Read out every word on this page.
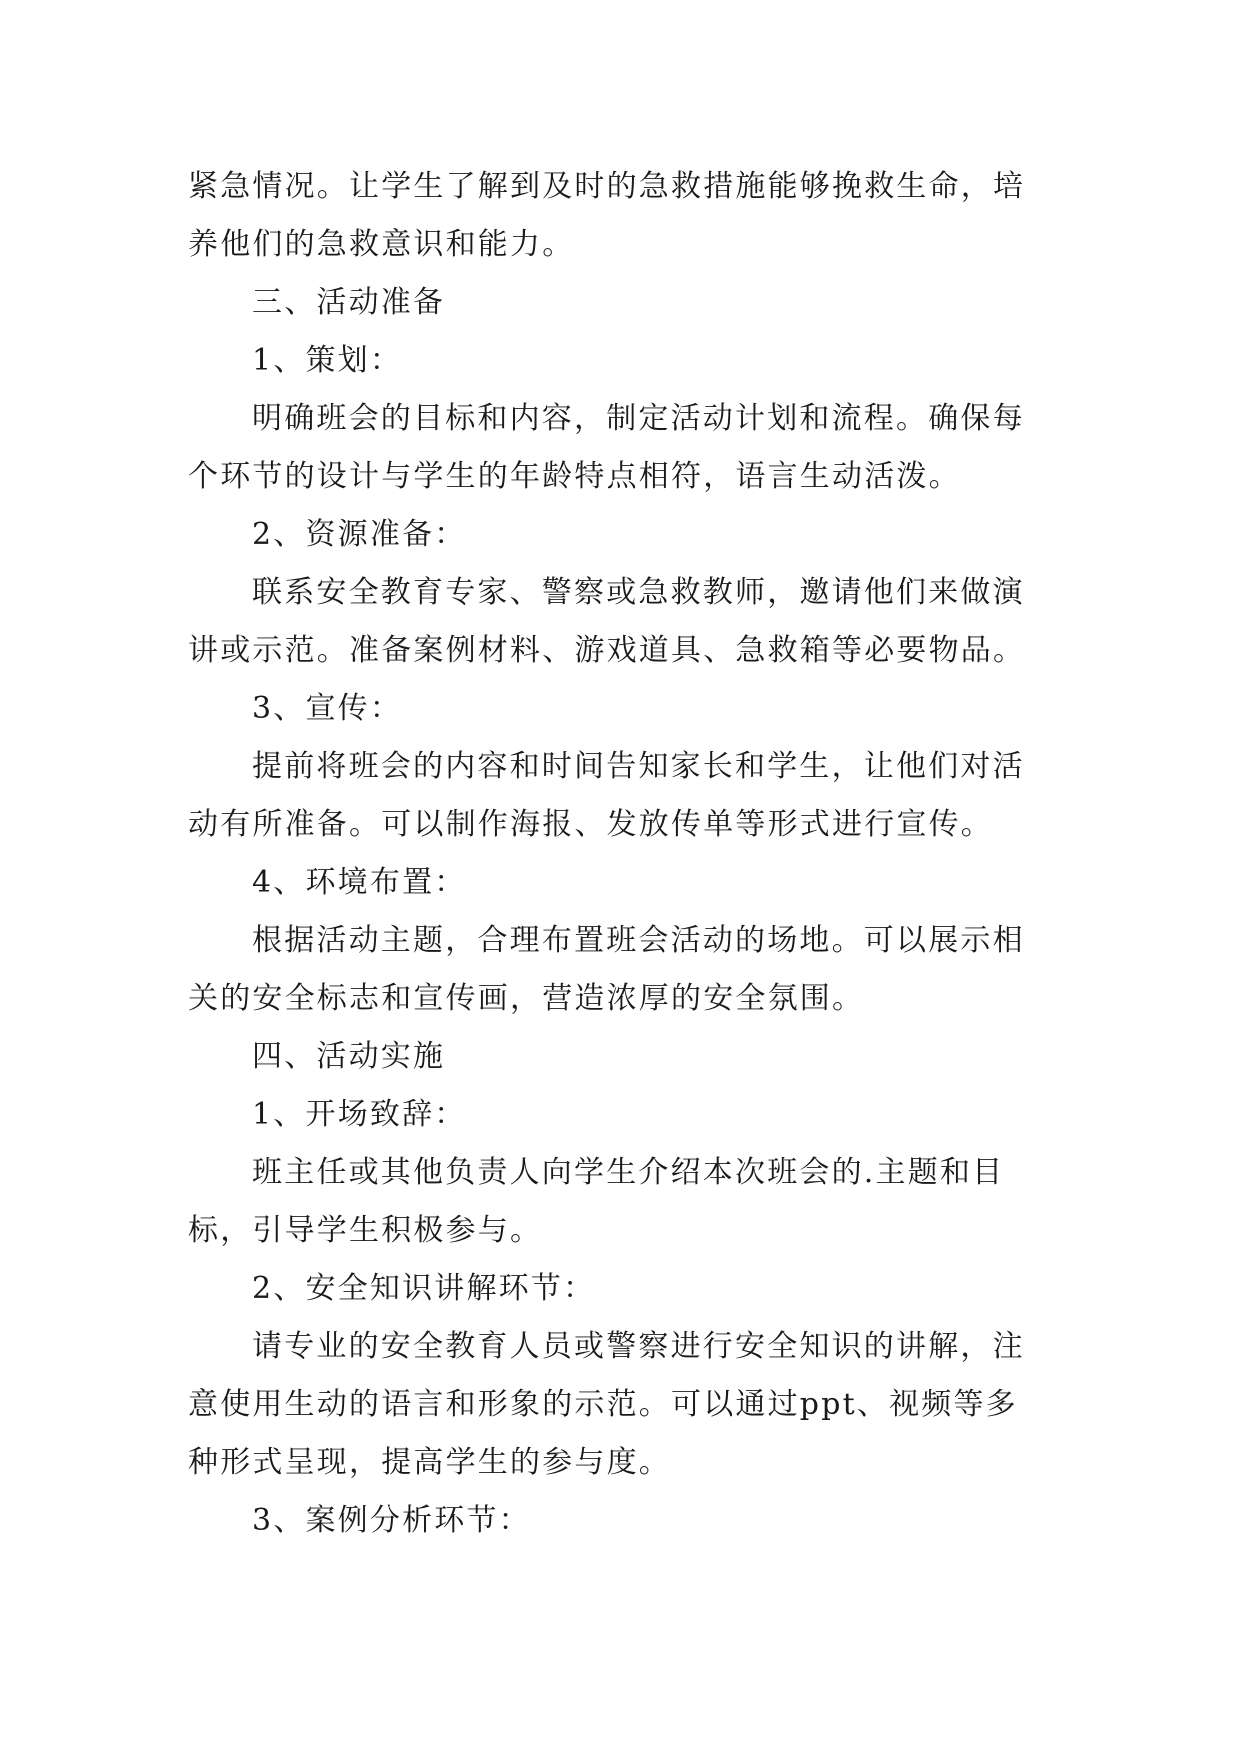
紧急情况。让学生了解到及时的急救措施能够挽救生命，培
养他们的急救意识和能力。
三、活动准备
1、策划：
明确班会的目标和内容，制定活动计划和流程。确保每
个环节的设计与学生的年龄特点相符，语言生动活泼。
2、资源准备：
联系安全教育专家、警察或急救教师，邀请他们来做演
讲或示范。准备案例材料、游戏道具、急救箱等必要物品。
3、宣传：
提前将班会的内容和时间告知家长和学生，让他们对活
动有所准备。可以制作海报、发放传单等形式进行宣传。
4、环境布置：
根据活动主题，合理布置班会活动的场地。可以展示相
关的安全标志和宣传画，营造浓厚的安全氛围。
四、活动实施
1、开场致辞：
班主任或其他负责人向学生介绍本次班会的.主题和目
标，引导学生积极参与。
2、安全知识讲解环节：
请专业的安全教育人员或警察进行安全知识的讲解，注
意使用生动的语言和形象的示范。可以通过ppt、视频等多
种形式呈现，提高学生的参与度。
3、案例分析环节：
